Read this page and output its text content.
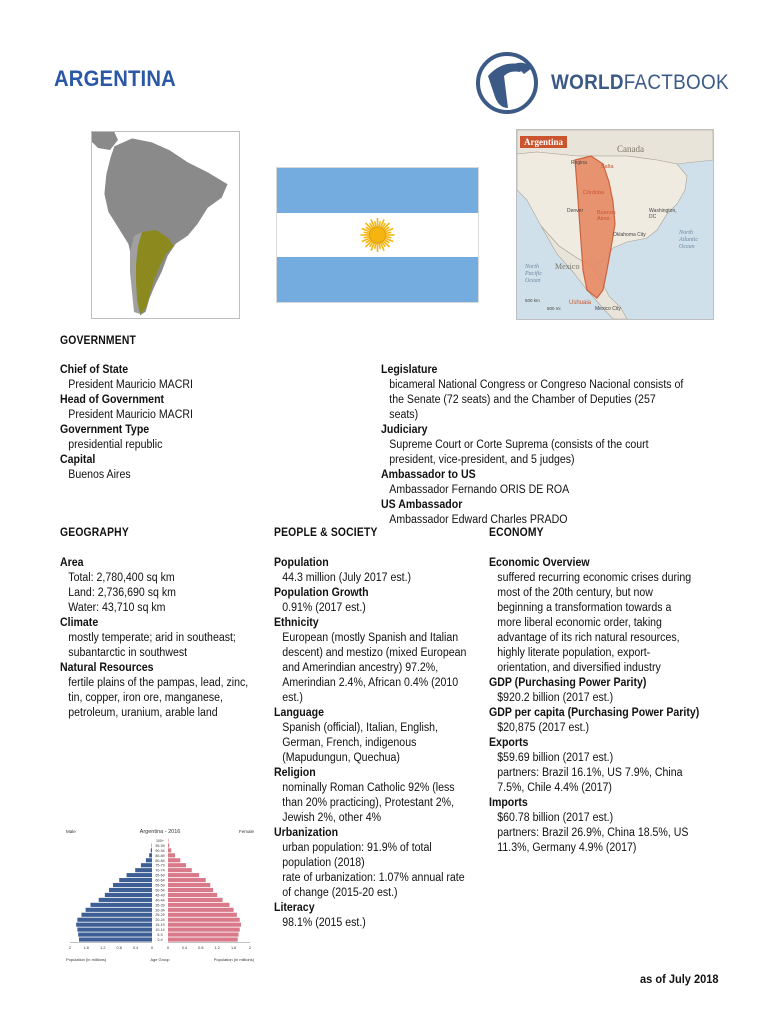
ARGENTINA	WORLDFACTBOOK
Argentina
Canada
Regina
Salta
Córdoba
Buenos Aires
Denver	Washington, DC
Oklahoma City
Mexico
North Pacific Ocean
North Atlantic Ocean
Ushuaia
Mexico City
500 km
500 mi
GOVERNMENT
Chief of State
President Mauricio MACRI
Head of Government
President Mauricio MACRI
Government Type
presidential republic
Capital
Buenos Aires
Legislature
bicameral National Congress or Congreso Nacional consists of the Senate (72 seats) and the Chamber of Deputies (257 seats)
Judiciary
Supreme Court or Corte Suprema (consists of the court president, vice-president, and 5 judges)
Ambassador to US
Ambassador Fernando ORIS DE ROA
US Ambassador
Ambassador Edward Charles PRADO
GEOGRAPHY	PEOPLE & SOCIETY	ECONOMY
Area
Total: 2,780,400 sq km
Land: 2,736,690 sq km
Water: 43,710 sq km
Climate
mostly temperate; arid in southeast; subantarctic in southwest
Natural Resources
fertile plains of the pampas, lead, zinc, tin, copper, iron ore, manganese, petroleum, uranium, arable land
Population
44.3 million (July 2017 est.)
Population Growth
0.91% (2017 est.)
Ethnicity
European (mostly Spanish and Italian descent) and mestizo (mixed European and Amerindian ancestry) 97.2%, Amerindian 2.4%, African 0.4% (2010 est.)
Language
Spanish (official), Italian, English, German, French, indigenous (Mapudungun, Quechua)
Religion
nominally Roman Catholic 92% (less than 20% practicing), Protestant 2%, Jewish 2%, other 4%
Urbanization
urban population: 91.9% of total population (2018)
rate of urbanization: 1.07% annual rate of change (2015-20 est.)
Literacy
98.1% (2015 est.)
Economic Overview
suffered recurring economic crises during most of the 20th century, but now beginning a transformation towards a more liberal economic order, taking advantage of its rich natural resources, highly literate population, export-orientation, and diversified industry
GDP (Purchasing Power Parity)
$920.2 billion (2017 est.)
GDP per capita (Purchasing Power Parity)
$20,875 (2017 est.)
Exports
$59.69 billion (2017 est.)
partners: Brazil 16.1%, US 7.9%, China 7.5%, Chile 4.4% (2017)
Imports
$60.78 billion (2017 est.)
partners: Brazil 26.9%, China 18.5%, US 11.3%, Germany 4.9% (2017)
Argentina - 2016
Male	Female
100+
95-99
90-94
85-89
80-84
75-79
70-74
65-69
60-64
55-59
50-54
45-49
40-44
35-39
30-34
25-29
20-24
15-19
10-14
5-9
0-4
2	1.6	1.2	0.8	0.4	0	0	0.4	0.8	1.2	1.6	2
Population (in millions)	Age Group	Population (in millions)
as of July 2018
